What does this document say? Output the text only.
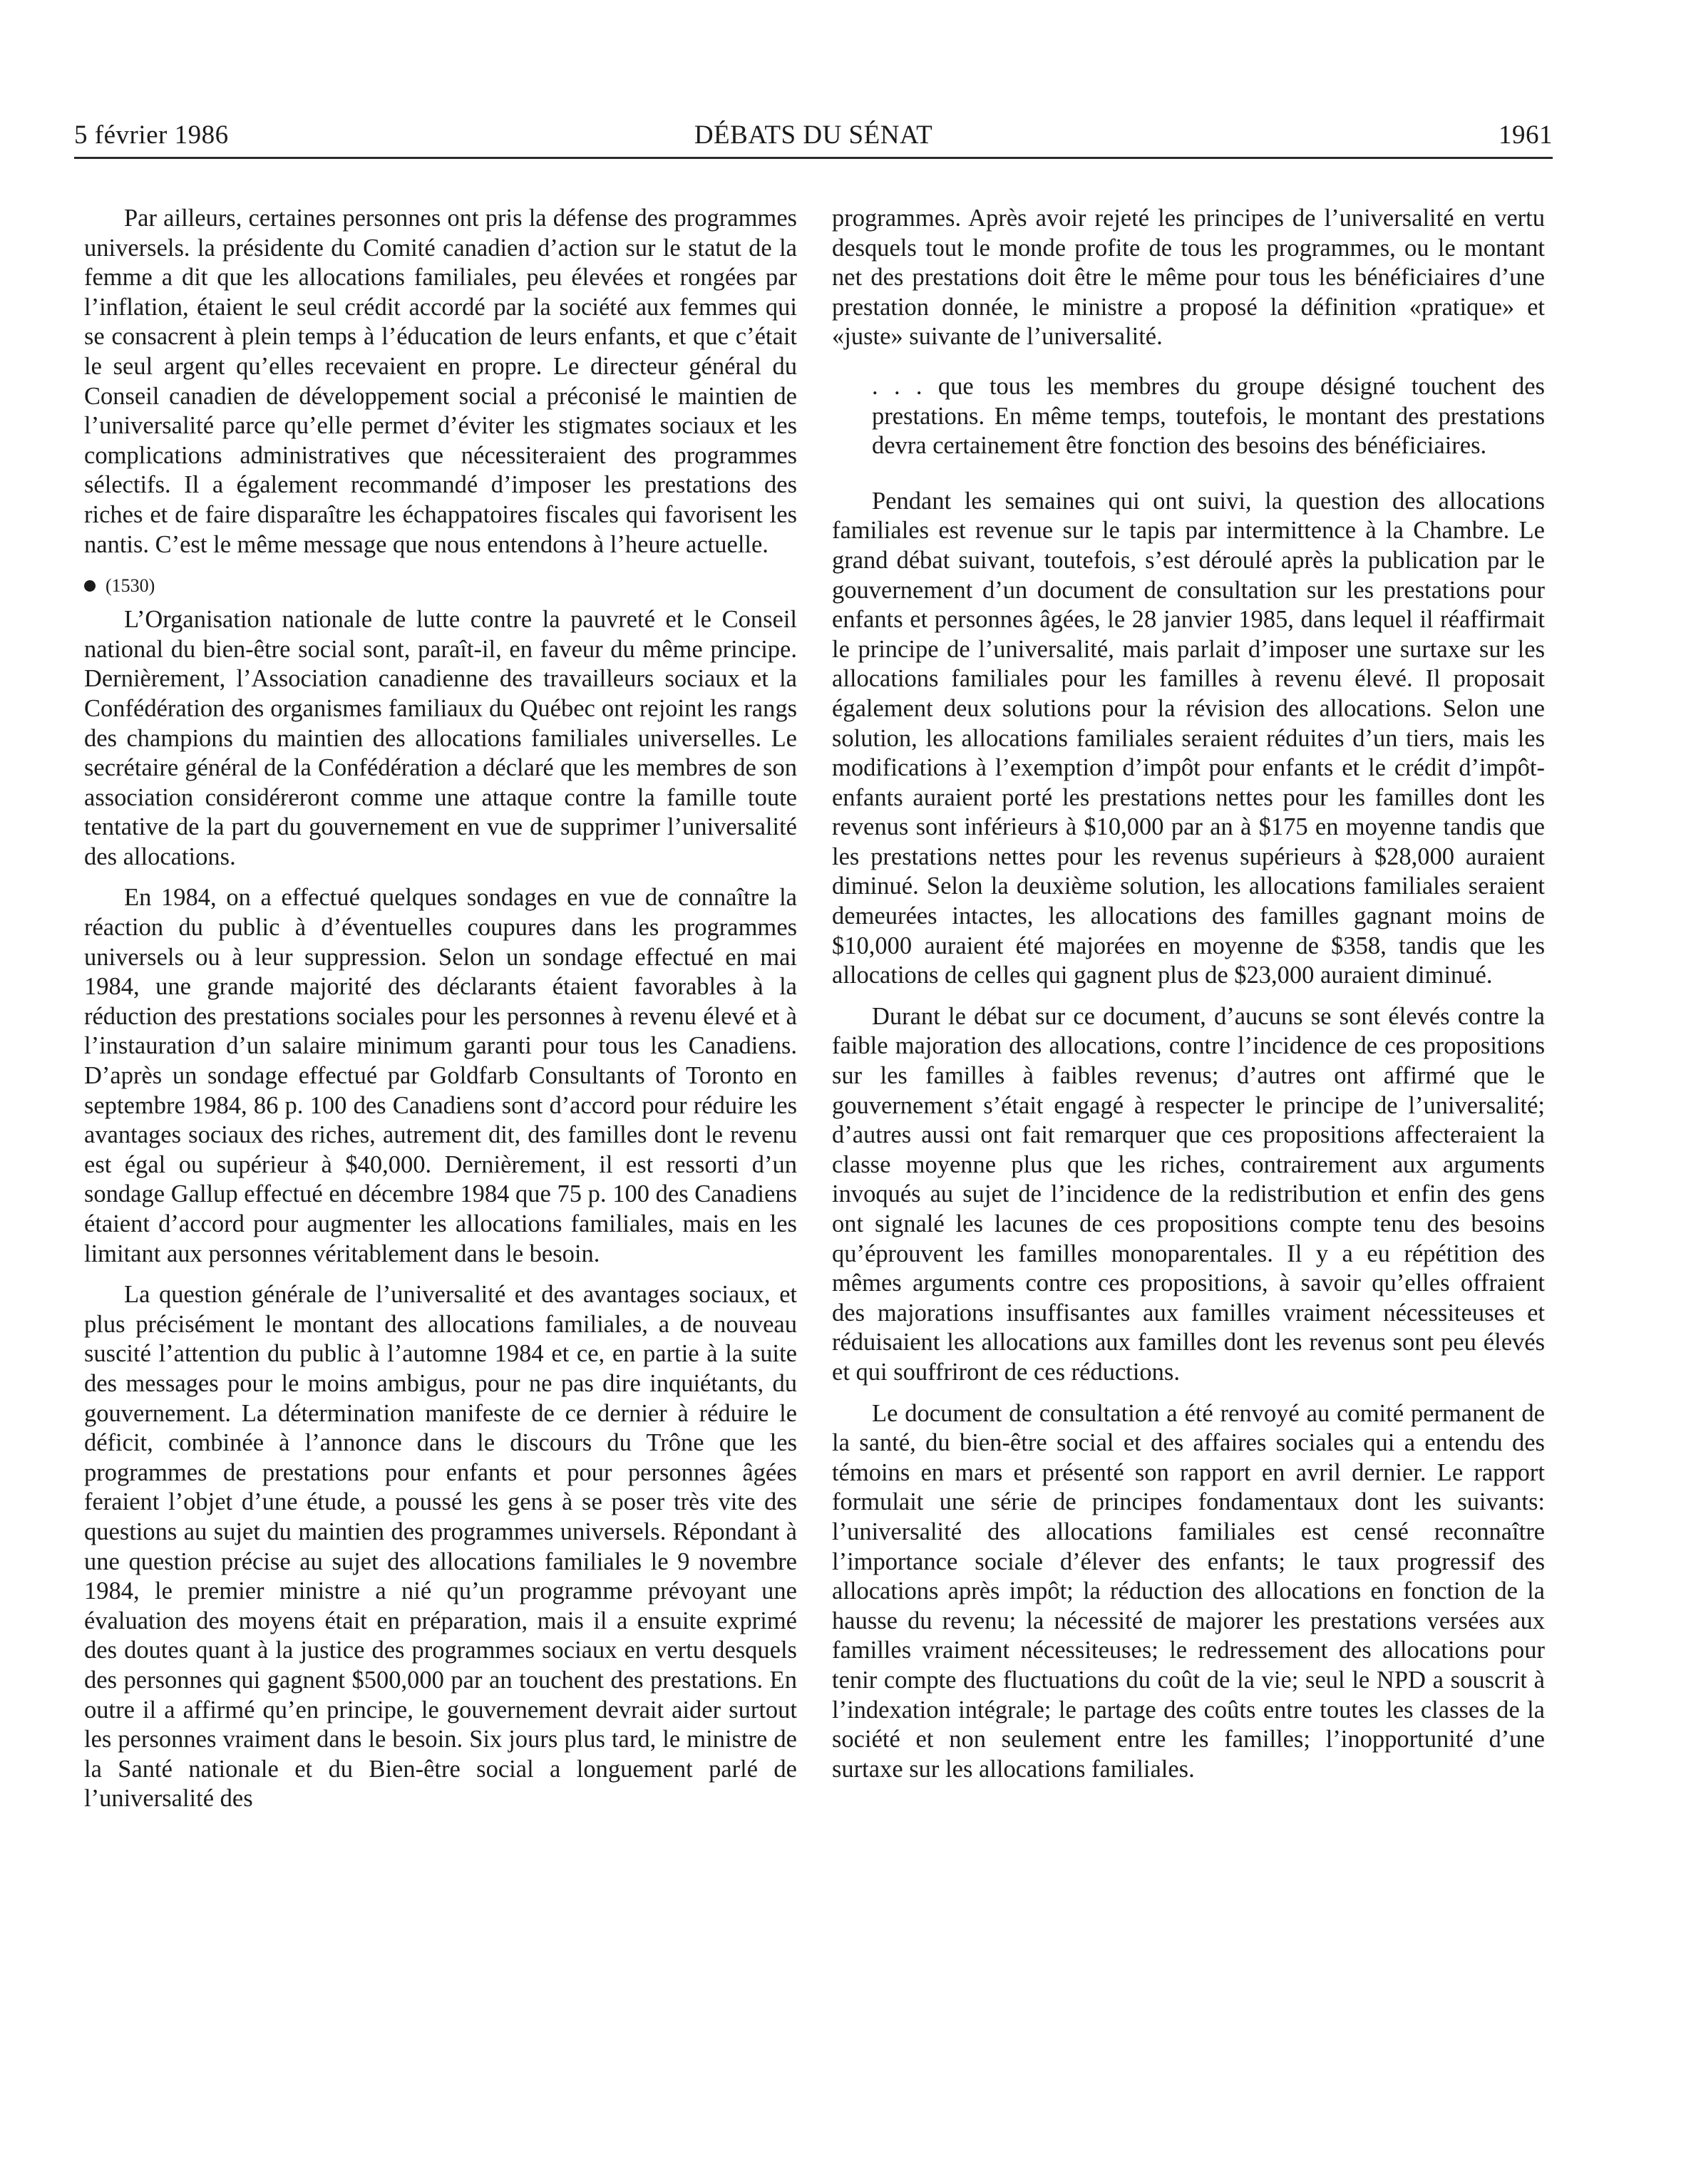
5 février 1986	DÉBATS DU SÉNAT	1961

Par ailleurs, certaines personnes ont pris la défense des programmes universels. la présidente du Comité canadien d’action sur le statut de la femme a dit que les allocations familiales, peu élevées et rongées par l’inflation, étaient le seul crédit accordé par la société aux femmes qui se consacrent à plein temps à l’éducation de leurs enfants, et que c’était le seul argent qu’elles recevaient en propre. Le directeur général du Conseil canadien de développement social a préconisé le maintien de l’universalité parce qu’elle permet d’éviter les stigmates sociaux et les complications administratives que nécessiteraient des programmes sélectifs. Il a également recommandé d’imposer les prestations des riches et de faire disparaître les échappatoires fiscales qui favorisent les nantis. C’est le même message que nous entendons à l’heure actuelle.

(1530)

L’Organisation nationale de lutte contre la pauvreté et le Conseil national du bien-être social sont, paraît-il, en faveur du même principe. Dernièrement, l’Association canadienne des travailleurs sociaux et la Confédération des organismes familiaux du Québec ont rejoint les rangs des champions du maintien des allocations familiales universelles. Le secrétaire général de la Confédération a déclaré que les membres de son association considéreront comme une attaque contre la famille toute tentative de la part du gouvernement en vue de supprimer l’universalité des allocations.

En 1984, on a effectué quelques sondages en vue de connaître la réaction du public à d’éventuelles coupures dans les programmes universels ou à leur suppression. Selon un sondage effectué en mai 1984, une grande majorité des déclarants étaient favorables à la réduction des prestations sociales pour les personnes à revenu élevé et à l’instauration d’un salaire minimum garanti pour tous les Canadiens. D’après un sondage effectué par Goldfarb Consultants of Toronto en septembre 1984, 86 p. 100 des Canadiens sont d’accord pour réduire les avantages sociaux des riches, autrement dit, des familles dont le revenu est égal ou supérieur à $40,000. Dernièrement, il est ressorti d’un sondage Gallup effectué en décembre 1984 que 75 p. 100 des Canadiens étaient d’accord pour augmenter les allocations familiales, mais en les limitant aux personnes véritablement dans le besoin.

La question générale de l’universalité et des avantages sociaux, et plus précisément le montant des allocations familiales, a de nouveau suscité l’attention du public à l’automne 1984 et ce, en partie à la suite des messages pour le moins ambigus, pour ne pas dire inquiétants, du gouvernement. La détermination manifeste de ce dernier à réduire le déficit, combinée à l’annonce dans le discours du Trône que les programmes de prestations pour enfants et pour personnes âgées feraient l’objet d’une étude, a poussé les gens à se poser très vite des questions au sujet du maintien des programmes universels. Répondant à une question précise au sujet des allocations familiales le 9 novembre 1984, le premier ministre a nié qu’un programme prévoyant une évaluation des moyens était en préparation, mais il a ensuite exprimé des doutes quant à la justice des programmes sociaux en vertu desquels des personnes qui gagnent $500,000 par an touchent des prestations. En outre il a affirmé qu’en principe, le gouvernement devrait aider surtout les personnes vraiment dans le besoin. Six jours plus tard, le ministre de la Santé nationale et du Bien-être social a longuement parlé de l’universalité des

programmes. Après avoir rejeté les principes de l’universalité en vertu desquels tout le monde profite de tous les programmes, ou le montant net des prestations doit être le même pour tous les bénéficiaires d’une prestation donnée, le ministre a proposé la définition «pratique» et «juste» suivante de l’universalité.

. . . que tous les membres du groupe désigné touchent des prestations. En même temps, toutefois, le montant des prestations devra certainement être fonction des besoins des bénéficiaires.

Pendant les semaines qui ont suivi, la question des allocations familiales est revenue sur le tapis par intermittence à la Chambre. Le grand débat suivant, toutefois, s’est déroulé après la publication par le gouvernement d’un document de consultation sur les prestations pour enfants et personnes âgées, le 28 janvier 1985, dans lequel il réaffirmait le principe de l’universalité, mais parlait d’imposer une surtaxe sur les allocations familiales pour les familles à revenu élevé. Il proposait également deux solutions pour la révision des allocations. Selon une solution, les allocations familiales seraient réduites d’un tiers, mais les modifications à l’exemption d’impôt pour enfants et le crédit d’impôt-enfants auraient porté les prestations nettes pour les familles dont les revenus sont inférieurs à $10,000 par an à $175 en moyenne tandis que les prestations nettes pour les revenus supérieurs à $28,000 auraient diminué. Selon la deuxième solution, les allocations familiales seraient demeurées intactes, les allocations des familles gagnant moins de $10,000 auraient été majorées en moyenne de $358, tandis que les allocations de celles qui gagnent plus de $23,000 auraient diminué.

Durant le débat sur ce document, d’aucuns se sont élevés contre la faible majoration des allocations, contre l’incidence de ces propositions sur les familles à faibles revenus; d’autres ont affirmé que le gouvernement s’était engagé à respecter le principe de l’universalité; d’autres aussi ont fait remarquer que ces propositions affecteraient la classe moyenne plus que les riches, contrairement aux arguments invoqués au sujet de l’incidence de la redistribution et enfin des gens ont signalé les lacunes de ces propositions compte tenu des besoins qu’éprouvent les familles monoparentales. Il y a eu répétition des mêmes arguments contre ces propositions, à savoir qu’elles offraient des majorations insuffisantes aux familles vraiment nécessiteuses et réduisaient les allocations aux familles dont les revenus sont peu élevés et qui souffriront de ces réductions.

Le document de consultation a été renvoyé au comité permanent de la santé, du bien-être social et des affaires sociales qui a entendu des témoins en mars et présenté son rapport en avril dernier. Le rapport formulait une série de principes fondamentaux dont les suivants: l’universalité des allocations familiales est censé reconnaître l’importance sociale d’élever des enfants; le taux progressif des allocations après impôt; la réduction des allocations en fonction de la hausse du revenu; la nécessité de majorer les prestations versées aux familles vraiment nécessiteuses; le redressement des allocations pour tenir compte des fluctuations du coût de la vie; seul le NPD a souscrit à l’indexation intégrale; le partage des coûts entre toutes les classes de la société et non seulement entre les familles; l’inopportunité d’une surtaxe sur les allocations familiales.
